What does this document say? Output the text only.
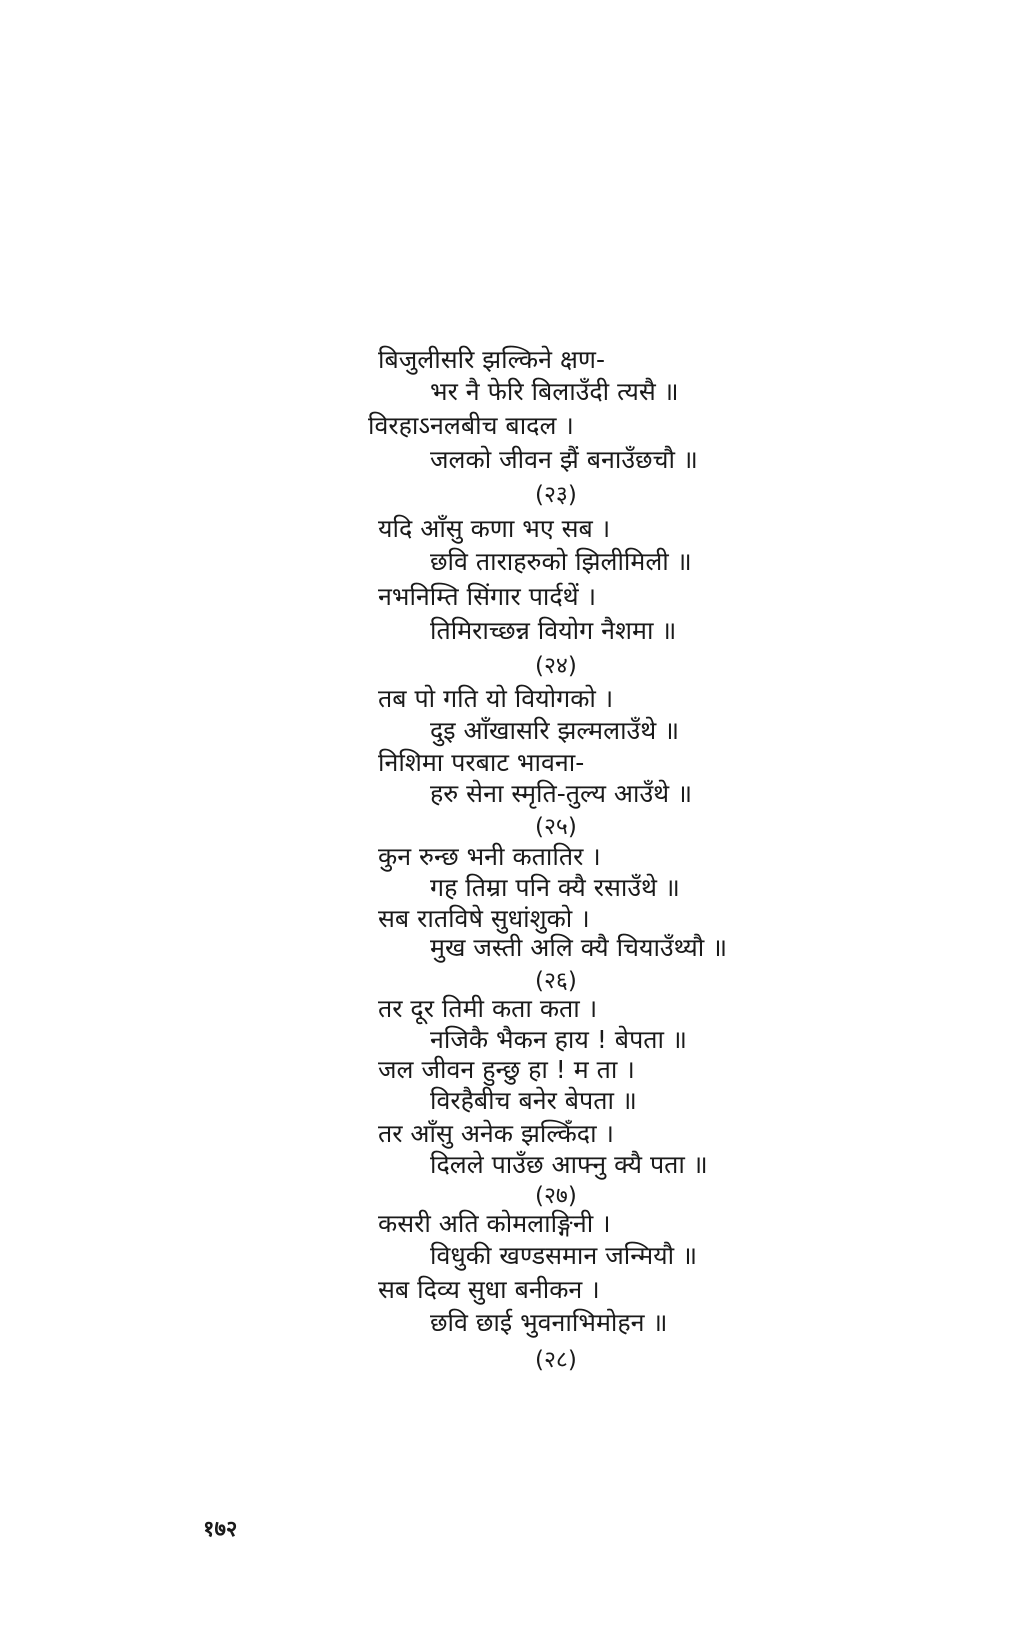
बिजुलीसरि झल्किने क्षण-
भर नै फेरि बिलाउँदी त्यसै ॥
विरहाऽनलबीच बादल ।
जलको जीवन झैं बनाउँछचौ ॥
(२३)
यदि आँसु कणा भए सब ।
छवि ताराहरुको झिलीमिली ॥
नभनिम्ति सिंगार पार्दथें ।
तिमिराच्छन्न वियोग नैशमा ॥
(२४)
तब पो गति यो वियोगको ।
दुइ आँखासरि झल्मलाउँथे ॥
निशिमा परबाट भावना-
हरु सेना स्मृति-तुल्य आउँथे ॥
(२५)
कुन रुन्छ भनी कतातिर ।
गह तिम्रा पनि क्यै रसाउँथे ॥
सब रातविषे सुधांशुको ।
मुख जस्ती अलि क्यै चियाउँथ्यौ ॥
(२६)
तर दूर तिमी कता कता ।
नजिकै भैकन हाय ! बेपता ॥
जल जीवन हुन्छु हा ! म ता ।
विरहैबीच बनेर बेपता ॥
तर आँसु अनेक झल्किँदा ।
दिलले पाउँछ आफ्नु क्यै पता ॥
(२७)
कसरी अति कोमलाङ्गिनी ।
विधुकी खण्डसमान जन्मियौ ॥
सब दिव्य सुधा बनीकन ।
छवि छाई भुवनाभिमोहन ॥
(२८)
१७२
